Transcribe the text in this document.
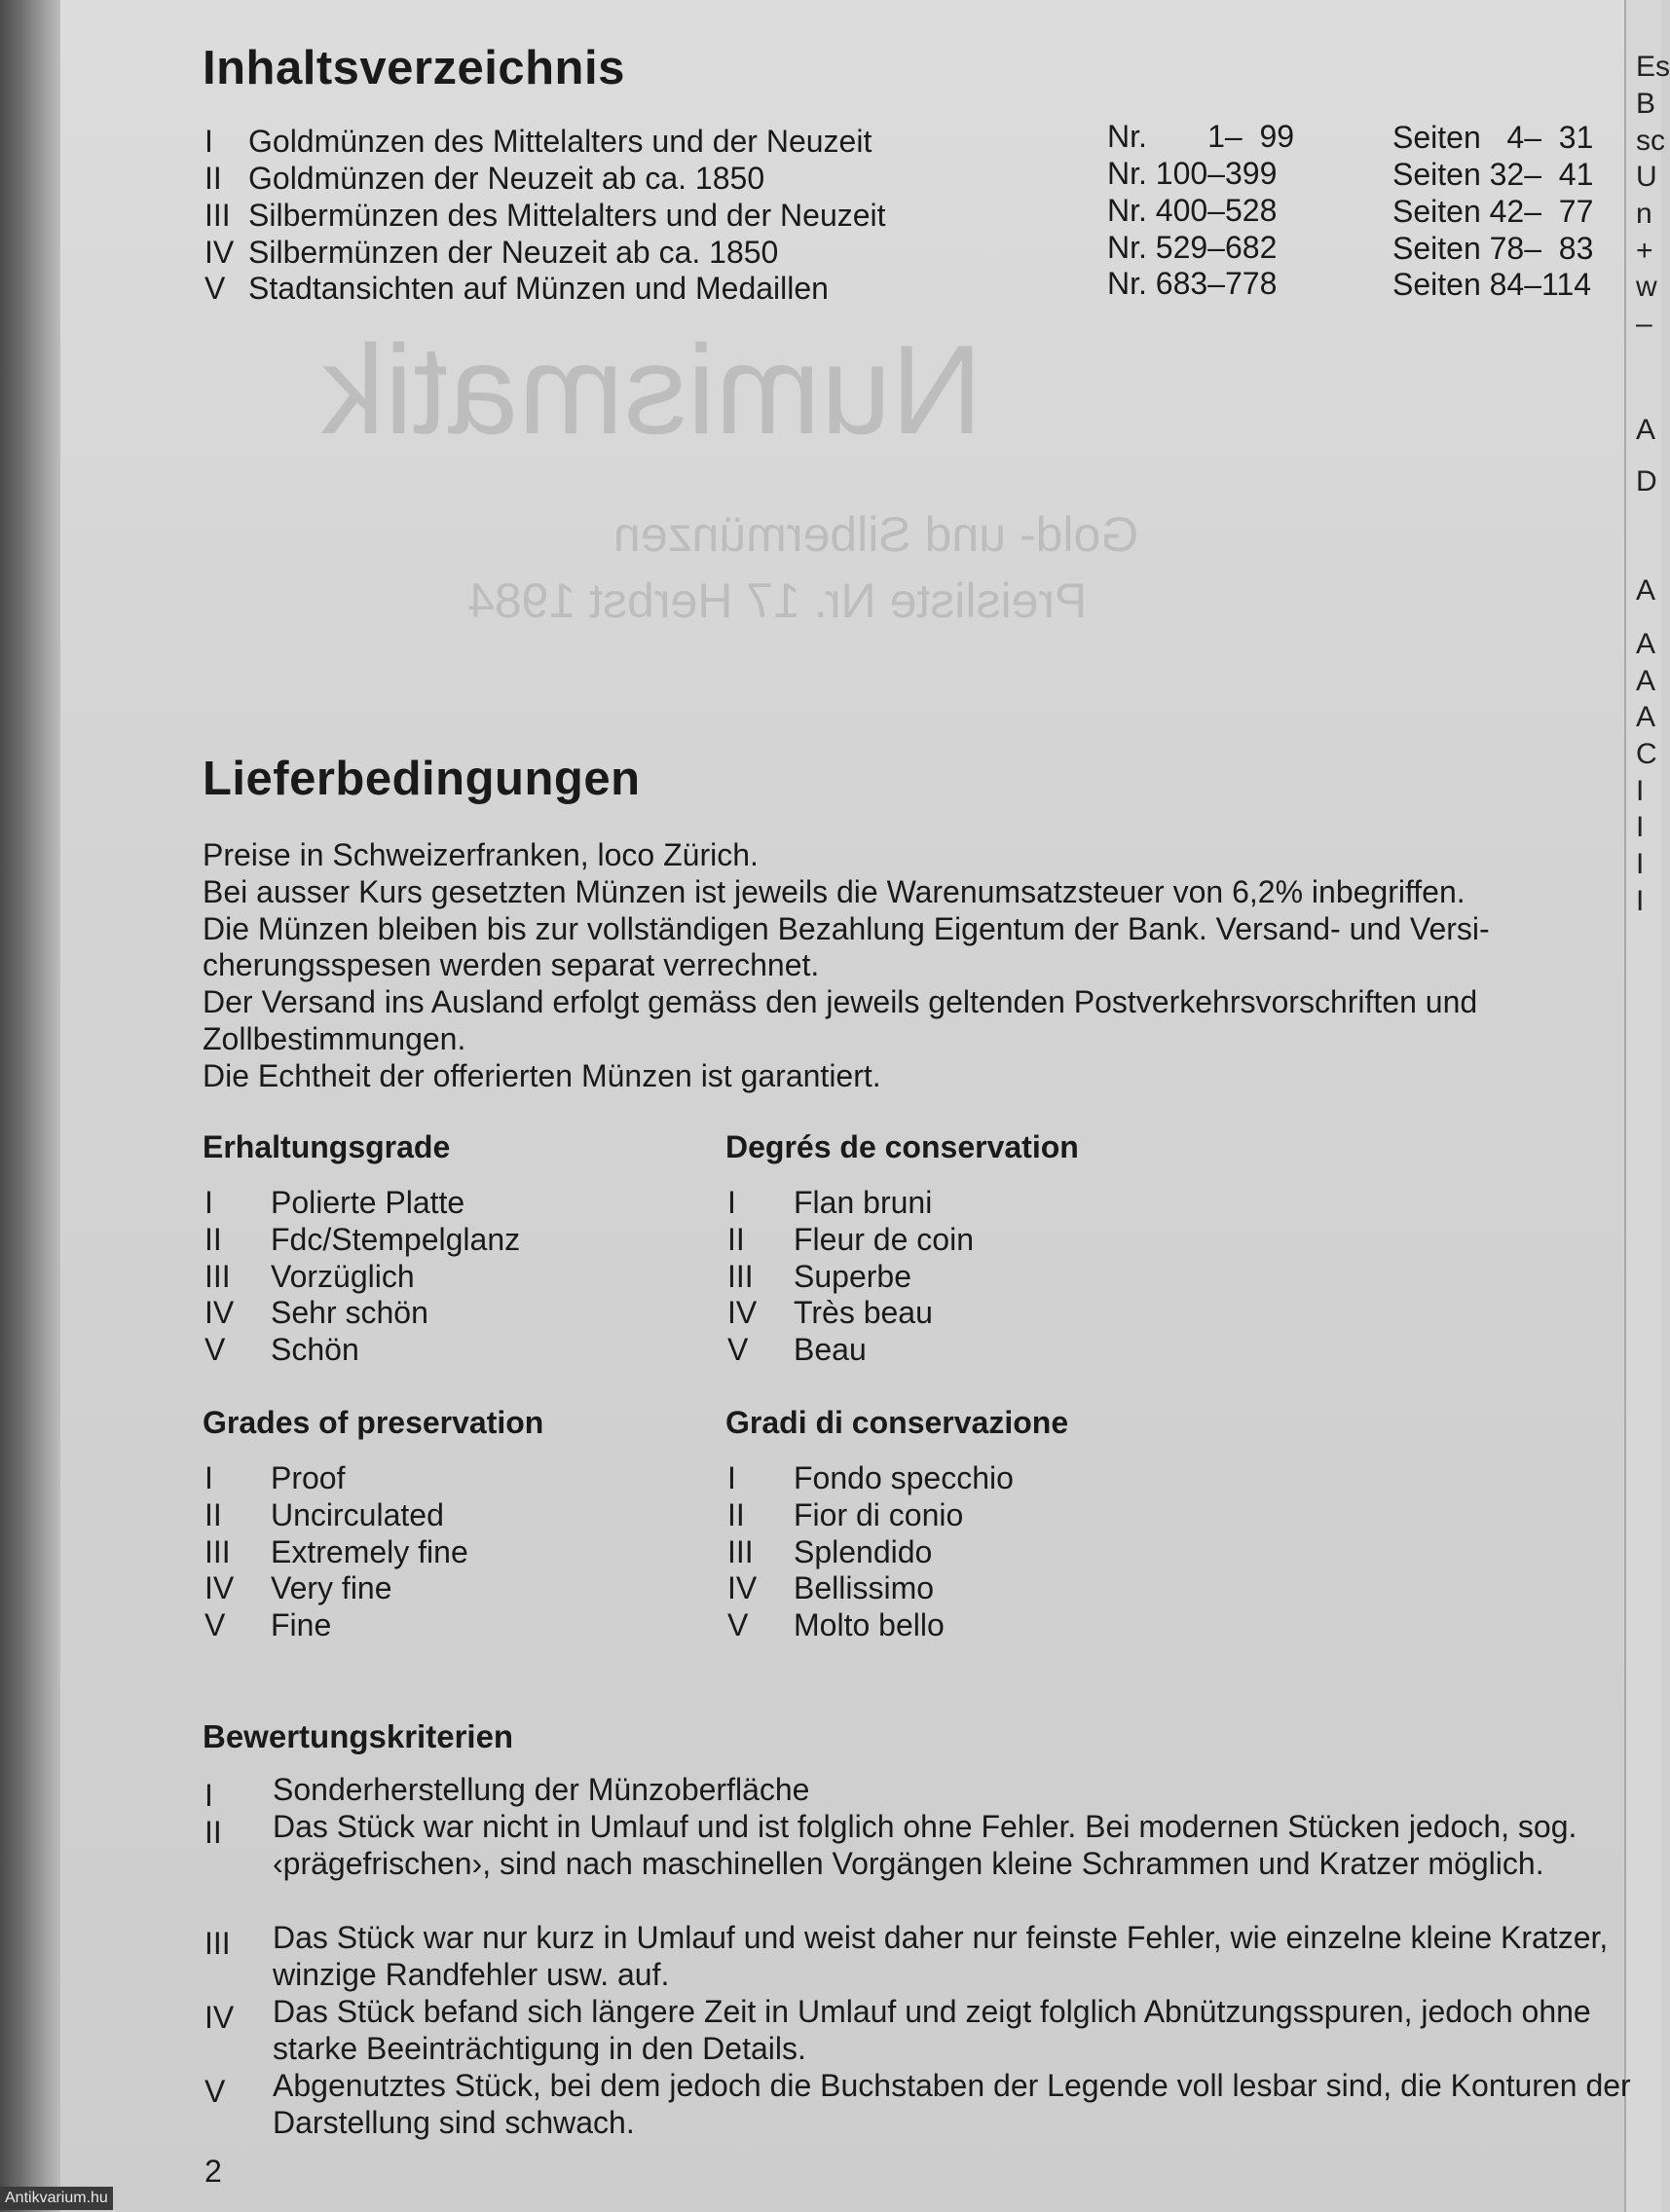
Numismatik
Gold- und Silbermünzen
Preisliste Nr. 17 Herbst 1984
Es
B
sc
U
n
+
w
–
A
D
A
A
A
A
C
I
I
I
I
Inhaltsverzeichnis
I Goldmünzen des Mittelalters und der Neuzeit	Nr.       1–  99	Seiten   4–  31
II Goldmünzen der Neuzeit ab ca. 1850	Nr. 100–399	Seiten 32–  41
III Silbermünzen des Mittelalters und der Neuzeit	Nr. 400–528	Seiten 42–  77
IV Silbermünzen der Neuzeit ab ca. 1850	Nr. 529–682	Seiten 78–  83
V Stadtansichten auf Münzen und Medaillen	Nr. 683–778	Seiten 84–114
Lieferbedingungen
Preise in Schweizerfranken, loco Zürich.
Bei ausser Kurs gesetzten Münzen ist jeweils die Warenumsatzsteuer von 6,2% inbegriffen.
Die Münzen bleiben bis zur vollständigen Bezahlung Eigentum der Bank. Versand- und Versi-
cherungsspesen werden separat verrechnet.
Der Versand ins Ausland erfolgt gemäss den jeweils geltenden Postverkehrsvorschriften und
Zollbestimmungen.
Die Echtheit der offerierten Münzen ist garantiert.
Erhaltungsgrade
I Polierte Platte
II Fdc/Stempelglanz
III Vorzüglich
IV Sehr schön
V Schön
Degrés de conservation
I Flan bruni
II Fleur de coin
III Superbe
IV Très beau
V Beau
Grades of preservation
I Proof
II Uncirculated
III Extremely fine
IV Very fine
V Fine
Gradi di conservazione
I Fondo specchio
II Fior di conio
III Splendido
IV Bellissimo
V Molto bello
Bewertungskriterien
I Sonderherstellung der Münzoberfläche
II Das Stück war nicht in Umlauf und ist folglich ohne Fehler. Bei modernen Stücken jedoch, sog. ‹prägefrischen›, sind nach maschinellen Vorgängen kleine Schrammen und Kratzer möglich.
III Das Stück war nur kurz in Umlauf und weist daher nur feinste Fehler, wie einzelne kleine Kratzer, winzige Randfehler usw. auf.
IV Das Stück befand sich längere Zeit in Umlauf und zeigt folglich Abnützungsspuren, jedoch ohne starke Beeinträchtigung in den Details.
V Abgenutztes Stück, bei dem jedoch die Buchstaben der Legende voll lesbar sind, die Konturen der Darstellung sind schwach.
2
Antikvarium.hu
